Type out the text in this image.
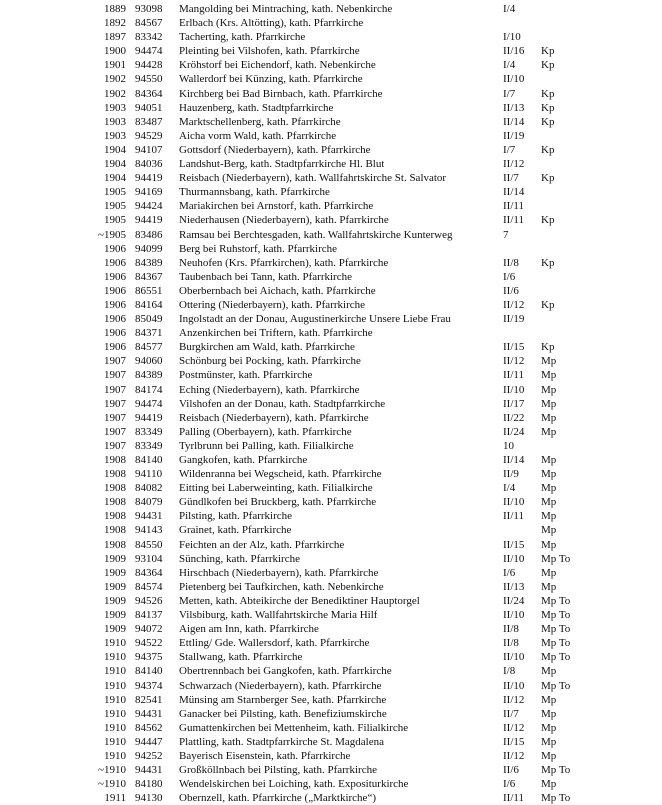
1889 93098 Mangolding bei Mintraching, kath. Nebenkirche	I/4
1892 84567 Erlbach (Krs. Altötting), kath. Pfarrkirche
1897 83342 Tacherting, kath. Pfarrkirche	I/10
1900 94474 Pleinting bei Vilshofen, kath. Pfarrkirche	II/16 Kp
1901 94428 Kröhstorf bei Eichendorf, kath. Nebenkirche	I/4 Kp
1902 94550 Wallerdorf bei Künzing, kath. Pfarrkirche	II/10
1902 84364 Kirchberg bei Bad Birnbach, kath. Pfarrkirche	I/7 Kp
1903 94051 Hauzenberg, kath. Stadtpfarrkirche	II/13 Kp
1903 83487 Marktschellenberg, kath. Pfarrkirche	II/14 Kp
1903 94529 Aicha vorm Wald, kath. Pfarrkirche	II/19
1904 94107 Gottsdorf (Niederbayern), kath. Pfarrkirche	I/7 Kp
1904 84036 Landshut-Berg, kath. Stadtpfarrkirche Hl. Blut	II/12
1904 94419 Reisbach (Niederbayern), kath. Wallfahrtskirche St. Salvator	II/7 Kp
1905 94169 Thurmannsbang, kath. Pfarrkirche	II/14
1905 94424 Mariakirchen bei Arnstorf, kath. Pfarrkirche	II/11
1905 94419 Niederhausen (Niederbayern), kath. Pfarrkirche	II/11 Kp
~1905 83486 Ramsau bei Berchtesgaden, kath. Wallfahrtskirche Kunterweg	7
1906 94099 Berg bei Ruhstorf, kath. Pfarrkirche
1906 84389 Neuhofen (Krs. Pfarrkirchen), kath. Pfarrkirche	II/8 Kp
1906 84367 Taubenbach bei Tann, kath. Pfarrkirche	I/6
1906 86551 Oberbernbach bei Aichach, kath. Pfarrkirche	II/6
1906 84164 Ottering (Niederbayern), kath. Pfarrkirche	II/12 Kp
1906 85049 Ingolstadt an der Donau, Augustinerkirche Unsere Liebe Frau	II/19
1906 84371 Anzenkirchen bei Triftern, kath. Pfarrkirche
1906 84577 Burgkirchen am Wald, kath. Pfarrkirche	II/15 Kp
1907 94060 Schönburg bei Pocking, kath. Pfarrkirche	II/12 Mp
1907 84389 Postmünster, kath. Pfarrkirche	II/11 Mp
1907 84174 Eching (Niederbayern), kath. Pfarrkirche	II/10 Mp
1907 94474 Vilshofen an der Donau, kath. Stadtpfarrkirche	II/17 Mp
1907 94419 Reisbach (Niederbayern), kath. Pfarrkirche	II/22 Mp
1907 83349 Palling (Oberbayern), kath. Pfarrkirche	II/24 Mp
1907 83349 Tyrlbrunn bei Palling, kath. Filialkirche	10
1908 84140 Gangkofen, kath. Pfarrkirche	II/14 Mp
1908 94110 Wildenranna bei Wegscheid, kath. Pfarrkirche	II/9 Mp
1908 84082 Eitting bei Laberweinting, kath. Filialkirche	I/4 Mp
1908 84079 Gündlkofen bei Bruckberg, kath. Pfarrkirche	II/10 Mp
1908 94431 Pilsting, kath. Pfarrkirche	II/11 Mp
1908 94143 Grainet, kath. Pfarrkirche	Mp
1908 84550 Feichten an der Alz, kath. Pfarrkirche	II/15 Mp
1909 93104 Sünching, kath. Pfarrkirche	II/10 Mp To
1909 84364 Hirschbach (Niederbayern), kath. Pfarrkirche	I/6 Mp
1909 84574 Pietenberg bei Taufkirchen, kath. Nebenkirche	II/13 Mp
1909 94526 Metten, kath. Abteikirche der Benediktiner Hauptorgel	II/24 Mp To
1909 84137 Vilsbiburg, kath. Wallfahrtskirche Maria Hilf	II/10 Mp To
1909 94072 Aigen am Inn, kath. Pfarrkirche	II/8 Mp To
1910 94522 Ettling/ Gde. Wallersdorf, kath. Pfarrkirche	II/8 Mp To
1910 94375 Stallwang, kath. Pfarrkirche	II/10 Mp To
1910 84140 Obertrennbach bei Gangkofen, kath. Pfarrkirche	I/8 Mp
1910 94374 Schwarzach (Niederbayern), kath. Pfarrkirche	II/10 Mp To
1910 82541 Münsing am Starnberger See, kath. Pfarrkirche	II/12 Mp
1910 94431 Ganacker bei Pilsting, kath. Benefiziumskirche	II/7 Mp
1910 84562 Gumattenkirchen bei Mettenheim, kath. Filialkirche	II/12 Mp
1910 94447 Plattling, kath. Stadtpfarrkirche St. Magdalena	II/15 Mp
1910 94252 Bayerisch Eisenstein, kath. Pfarrkirche	II/12 Mp
~1910 94431 Großköllnbach bei Pilsting, kath. Pfarrkirche	II/6 Mp To
~1910 84180 Wendelskirchen bei Loiching, kath. Expositurkirche	I/6 Mp
1911 94130 Obernzell, kath. Pfarrkirche („Marktkirche“)	II/11 Mp To
